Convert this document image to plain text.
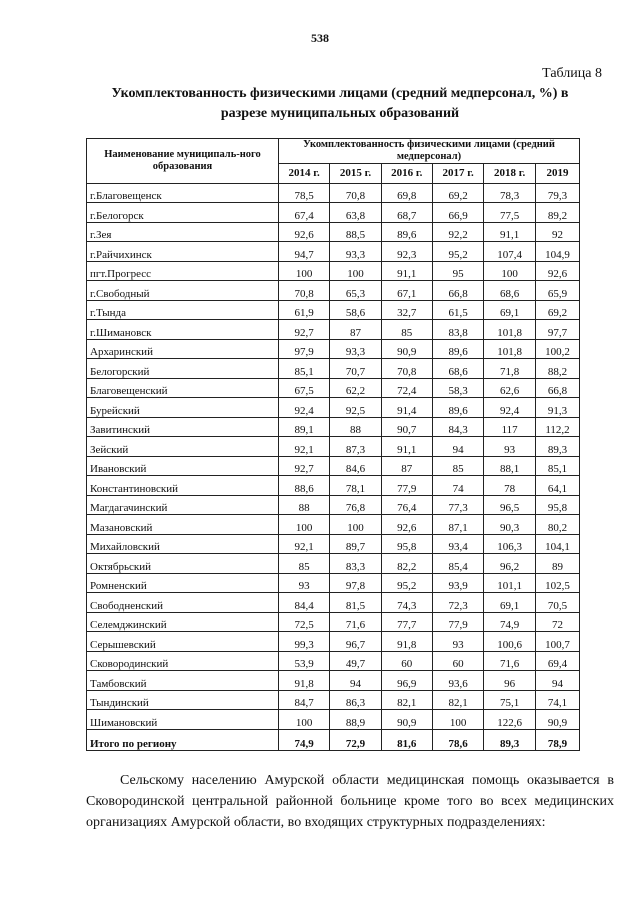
538
Таблица 8
Укомплектованность физическими лицами (средний медперсонал, %) в
разрезе муниципальных образований
Наименование муниципаль-ного образования	Укомплектованность физическими лицами (средний медперсонал)					
	2014 г.	2015 г.	2016 г.	2017 г.	2018 г.	2019
г.Благовещенск	78,5	70,8	69,8	69,2	78,3	79,3
г.Белогорск	67,4	63,8	68,7	66,9	77,5	89,2
г.Зея	92,6	88,5	89,6	92,2	91,1	92
г.Райчихинск	94,7	93,3	92,3	95,2	107,4	104,9
пгт.Прогресс	100	100	91,1	95	100	92,6
г.Свободный	70,8	65,3	67,1	66,8	68,6	65,9
г.Тында	61,9	58,6	32,7	61,5	69,1	69,2
г.Шимановск	92,7	87	85	83,8	101,8	97,7
Архаринский	97,9	93,3	90,9	89,6	101,8	100,2
Белогорский	85,1	70,7	70,8	68,6	71,8	88,2
Благовещенский	67,5	62,2	72,4	58,3	62,6	66,8
Бурейский	92,4	92,5	91,4	89,6	92,4	91,3
Завитинский	89,1	88	90,7	84,3	117	112,2
Зейский	92,1	87,3	91,1	94	93	89,3
Ивановский	92,7	84,6	87	85	88,1	85,1
Константиновский	88,6	78,1	77,9	74	78	64,1
Магдагачинский	88	76,8	76,4	77,3	96,5	95,8
Мазановский	100	100	92,6	87,1	90,3	80,2
Михайловский	92,1	89,7	95,8	93,4	106,3	104,1
Октябрьский	85	83,3	82,2	85,4	96,2	89
Ромненский	93	97,8	95,2	93,9	101,1	102,5
Свободненский	84,4	81,5	74,3	72,3	69,1	70,5
Селемджинский	72,5	71,6	77,7	77,9	74,9	72
Серышевский	99,3	96,7	91,8	93	100,6	100,7
Сковородинский	53,9	49,7	60	60	71,6	69,4
Тамбовский	91,8	94	96,9	93,6	96	94
Тындинский	84,7	86,3	82,1	82,1	75,1	74,1
Шимановский	100	88,9	90,9	100	122,6	90,9
Итого по региону	74,9	72,9	81,6	78,6	89,3	78,9
Сельскому населению Амурской области медицинская помощь оказывается в Сковородинской центральной районной больнице кроме того во всех медицинских организациях Амурской области, во входящих структурных подразделениях:
